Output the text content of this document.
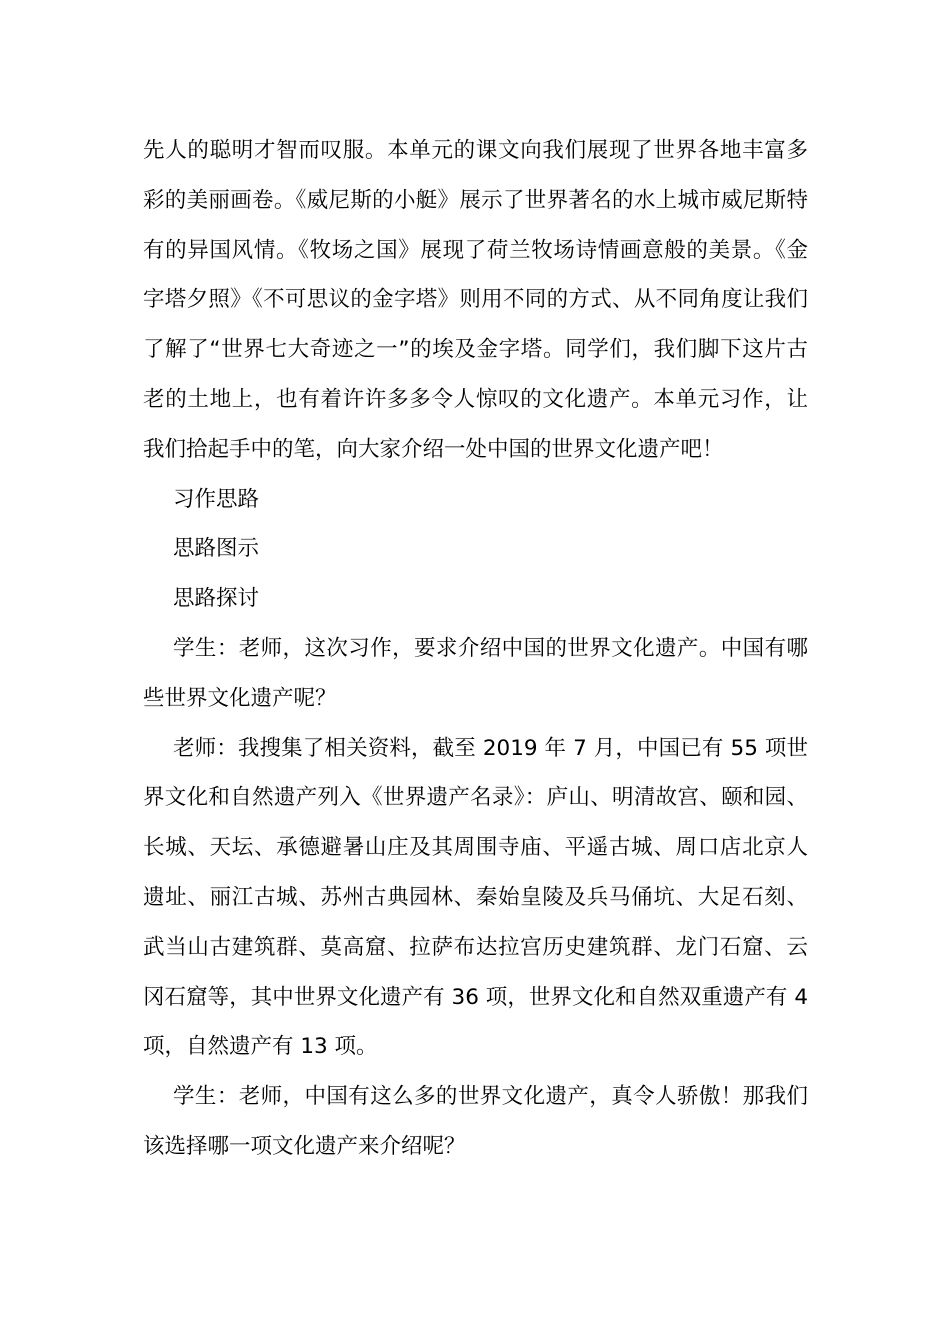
先人的聪明才智而叹服。本单元的课文向我们展现了世界各地丰富多彩的美丽画卷。《威尼斯的小艇》展示了世界著名的水上城市威尼斯特有的异国风情。《牧场之国》展现了荷兰牧场诗情画意般的美景。《金字塔夕照》《不可思议的金字塔》则用不同的方式、从不同角度让我们了解了“世界七大奇迹之一”的埃及金字塔。同学们，我们脚下这片古老的土地上，也有着许许多多令人惊叹的文化遗产。本单元习作，让我们拾起手中的笔，向大家介绍一处中国的世界文化遗产吧！

习作思路

思路图示

思路探讨

学生：老师，这次习作，要求介绍中国的世界文化遗产。中国有哪些世界文化遗产呢？

老师：我搜集了相关资料，截至 2019 年 7 月，中国已有 55 项世界文化和自然遗产列入《世界遗产名录》：庐山、明清故宫、颐和园、长城、天坛、承德避暑山庄及其周围寺庙、平遥古城、周口店北京人遗址、丽江古城、苏州古典园林、秦始皇陵及兵马俑坑、大足石刻、武当山古建筑群、莫高窟、拉萨布达拉宫历史建筑群、龙门石窟、云冈石窟等，其中世界文化遗产有 36 项，世界文化和自然双重遗产有 4 项，自然遗产有 13 项。

学生：老师，中国有这么多的世界文化遗产，真令人骄傲！那我们该选择哪一项文化遗产来介绍呢？
